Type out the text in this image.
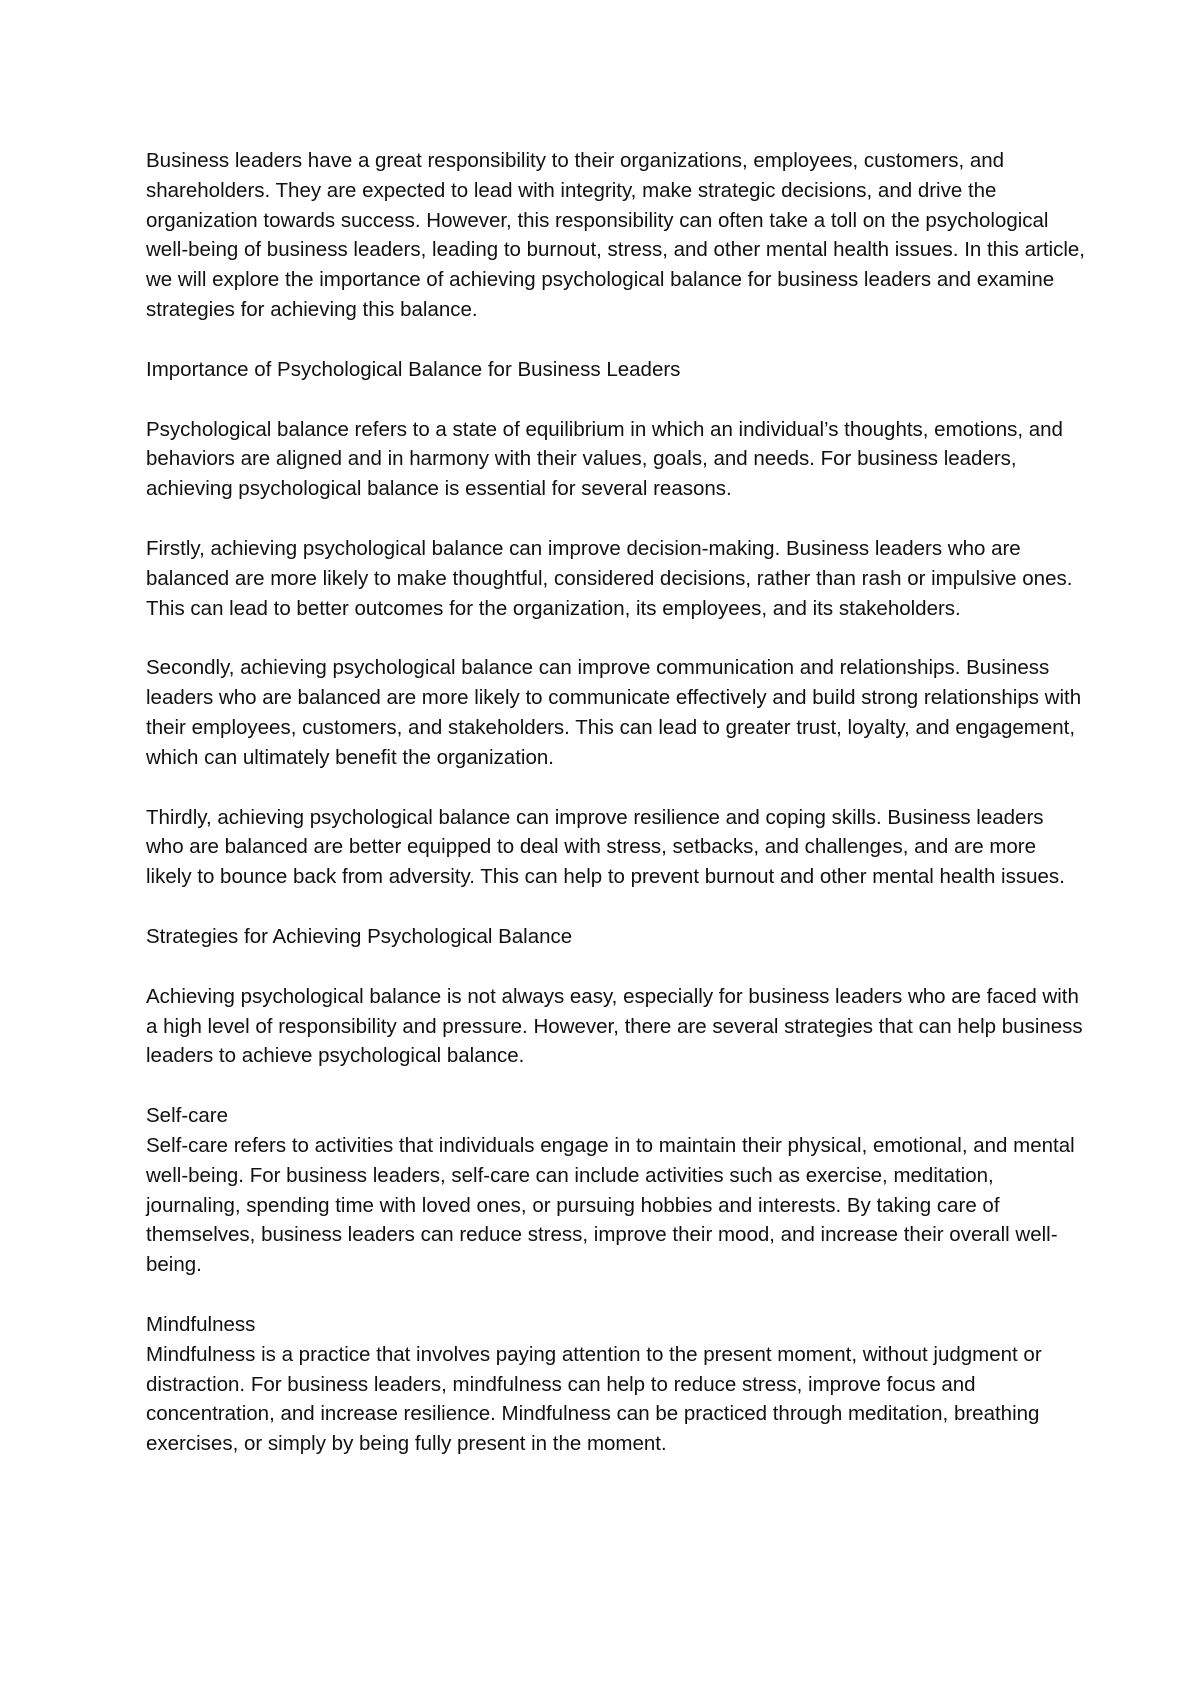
Business leaders have a great responsibility to their organizations, employees, customers, and shareholders. They are expected to lead with integrity, make strategic decisions, and drive the organization towards success. However, this responsibility can often take a toll on the psychological well-being of business leaders, leading to burnout, stress, and other mental health issues. In this article, we will explore the importance of achieving psychological balance for business leaders and examine strategies for achieving this balance.

Importance of Psychological Balance for Business Leaders

Psychological balance refers to a state of equilibrium in which an individual’s thoughts, emotions, and behaviors are aligned and in harmony with their values, goals, and needs. For business leaders, achieving psychological balance is essential for several reasons.

Firstly, achieving psychological balance can improve decision-making. Business leaders who are balanced are more likely to make thoughtful, considered decisions, rather than rash or impulsive ones. This can lead to better outcomes for the organization, its employees, and its stakeholders.

Secondly, achieving psychological balance can improve communication and relationships. Business leaders who are balanced are more likely to communicate effectively and build strong relationships with their employees, customers, and stakeholders. This can lead to greater trust, loyalty, and engagement, which can ultimately benefit the organization.

Thirdly, achieving psychological balance can improve resilience and coping skills. Business leaders who are balanced are better equipped to deal with stress, setbacks, and challenges, and are more likely to bounce back from adversity. This can help to prevent burnout and other mental health issues.

Strategies for Achieving Psychological Balance

Achieving psychological balance is not always easy, especially for business leaders who are faced with a high level of responsibility and pressure. However, there are several strategies that can help business leaders to achieve psychological balance.

Self-care

Self-care refers to activities that individuals engage in to maintain their physical, emotional, and mental well-being. For business leaders, self-care can include activities such as exercise, meditation, journaling, spending time with loved ones, or pursuing hobbies and interests. By taking care of themselves, business leaders can reduce stress, improve their mood, and increase their overall well-being.

Mindfulness

Mindfulness is a practice that involves paying attention to the present moment, without judgment or distraction. For business leaders, mindfulness can help to reduce stress, improve focus and concentration, and increase resilience. Mindfulness can be practiced through meditation, breathing exercises, or simply by being fully present in the moment.
